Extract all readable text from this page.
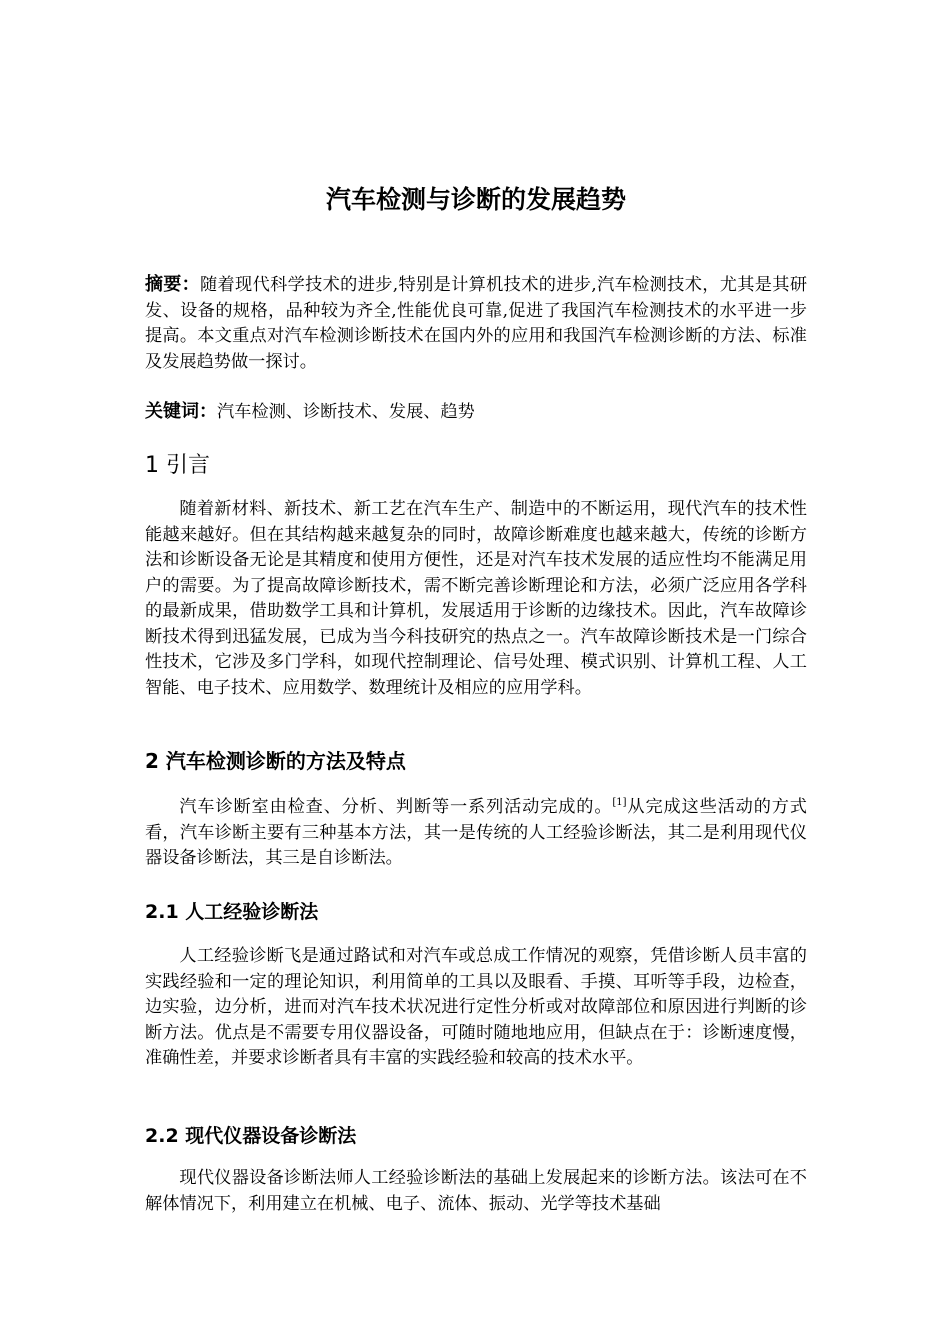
汽车检测与诊断的发展趋势

摘要：随着现代科学技术的进步,特别是计算机技术的进步,汽车检测技术，尤其是其研发、设备的规格，品种较为齐全,性能优良可靠,促进了我国汽车检测技术的水平进一步提高。本文重点对汽车检测诊断技术在国内外的应用和我国汽车检测诊断的方法、标准及发展趋势做一探讨。

关键词：汽车检测、诊断技术、发展、趋势

1 引言

随着新材料、新技术、新工艺在汽车生产、制造中的不断运用，现代汽车的技术性能越来越好。但在其结构越来越复杂的同时，故障诊断难度也越来越大，传统的诊断方法和诊断设备无论是其精度和使用方便性，还是对汽车技术发展的适应性均不能满足用户的需要。为了提高故障诊断技术，需不断完善诊断理论和方法，必须广泛应用各学科的最新成果，借助数学工具和计算机，发展适用于诊断的边缘技术。因此，汽车故障诊断技术得到迅猛发展，已成为当今科技研究的热点之一。汽车故障诊断技术是一门综合性技术，它涉及多门学科，如现代控制理论、信号处理、模式识别、计算机工程、人工智能、电子技术、应用数学、数理统计及相应的应用学科。

2 汽车检测诊断的方法及特点

汽车诊断室由检查、分析、判断等一系列活动完成的。[1]从完成这些活动的方式看，汽车诊断主要有三种基本方法，其一是传统的人工经验诊断法，其二是利用现代仪器设备诊断法，其三是自诊断法。

2.1 人工经验诊断法

人工经验诊断飞是通过路试和对汽车或总成工作情况的观察，凭借诊断人员丰富的实践经验和一定的理论知识，利用简单的工具以及眼看、手摸、耳听等手段，边检查，边实验，边分析，进而对汽车技术状况进行定性分析或对故障部位和原因进行判断的诊断方法。优点是不需要专用仪器设备，可随时随地地应用，但缺点在于：诊断速度慢，准确性差，并要求诊断者具有丰富的实践经验和较高的技术水平。

2.2 现代仪器设备诊断法

现代仪器设备诊断法师人工经验诊断法的基础上发展起来的诊断方法。该法可在不解体情况下，利用建立在机械、电子、流体、振动、光学等技术基础
